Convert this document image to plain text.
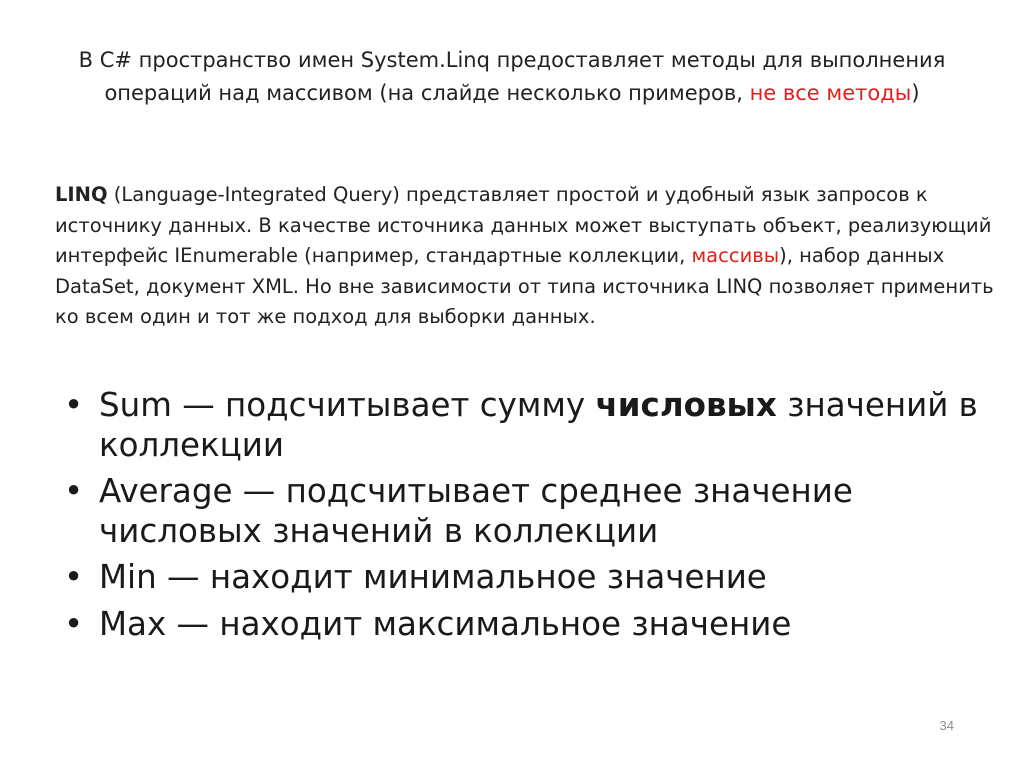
В C# пространство имен System.Linq предоставляет методы для выполнения операций над массивом (на слайде несколько примеров, не все методы)
LINQ (Language-Integrated Query) представляет простой и удобный язык запросов к источнику данных. В качестве источника данных может выступать объект, реализующий интерфейс IEnumerable (например, стандартные коллекции, массивы), набор данных DataSet, документ XML. Но вне зависимости от типа источника LINQ позволяет применить ко всем один и тот же подход для выборки данных.
• Sum — подсчитывает сумму числовых значений в коллекции
• Average — подсчитывает среднее значение числовых значений в коллекции
• Min — находит минимальное значение
• Max — находит максимальное значение
34
